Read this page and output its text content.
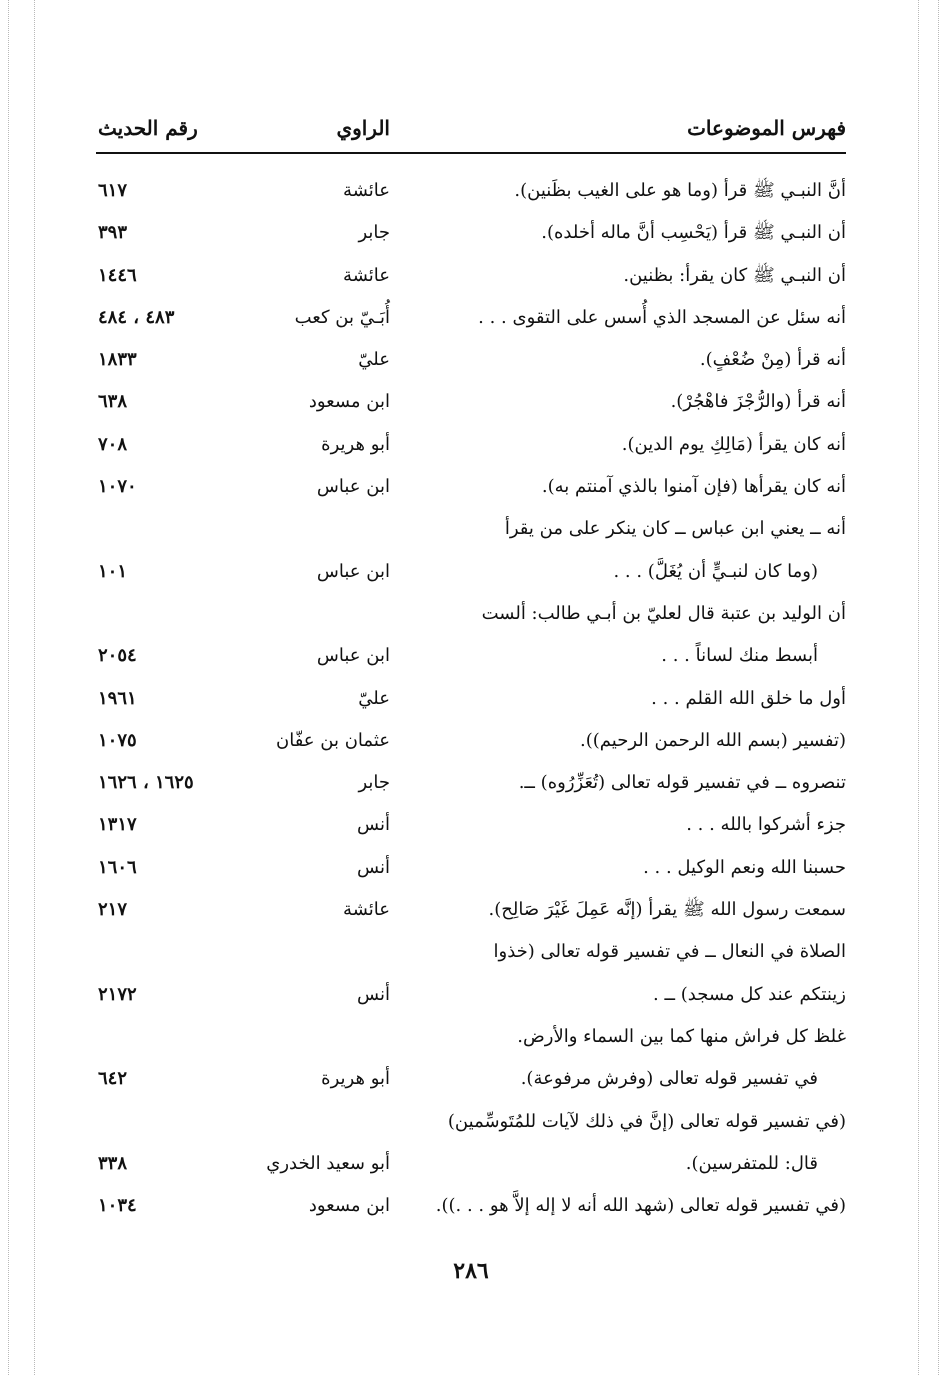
فهرس الموضوعات
الراوي
رقم الحديث
أنَّ النبـي ﷺ قرأ (وما هو على الغيب بظَنين).
عائشة
٦١٧
أن النبـي ﷺ قرأ (يَحْسِب أنَّ ماله أخلده).
جابر
٣٩٣
أن النبـي ﷺ كان يقرأ: بظنين.
عائشة
١٤٤٦
أنه سئل عن المسجد الذي أُسس على التقوى . . .
أُبَـيّ بن كعب
٤٨٣ ، ٤٨٤
أنه قرأ (مِنْ ضُعْفٍ).
عليّ
١٨٣٣
أنه قرأ (والرُّجْزَ فاهْجُرْ).
ابن مسعود
٦٣٨
أنه كان يقرأ (مَالِكِ يوم الدين).
أبو هريرة
٧٠٨
أنه كان يقرأها (فإن آمنوا بالذي آمنتم به).
ابن عباس
١٠٧٠
أنه ــ يعني ابن عباس ــ كان ينكر على من يقرأ
(وما كان لنبـيٍّ أن يُغَلَّ) . . .
ابن عباس
١٠١
أن الوليد بن عتبة قال لعليّ بن أبـي طالب: ألست
أبسط منك لساناً . . .
ابن عباس
٢٠٥٤
أول ما خلق الله القلم . . .
عليّ
١٩٦١
(تفسير (بسم الله الرحمن الرحيم)).
عثمان بن عفّان
١٠٧٥
تنصروه ــ في تفسير قوله تعالى (تُعَزِّرُوه) ــ.
جابر
١٦٢٥ ، ١٦٢٦
جزء أشركوا بالله . . .
أنس
١٣١٧
حسبنا الله ونعم الوكيل . . .
أنس
١٦٠٦
سمعت رسول الله ﷺ يقرأ (إنَّه عَمِلَ غَيْرَ صَالِح).
عائشة
٢١٧
الصلاة في النعال ــ في تفسير قوله تعالى (خذوا
زينتكم عند كل مسجد) ــ .
أنس
٢١٧٢
غلظ كل فراش منها كما بين السماء والأرض.
في تفسير قوله تعالى (وفرش مرفوعة).
أبو هريرة
٦٤٢
(في تفسير قوله تعالى (إنَّ في ذلك لآيات للمُتَوسِّمين)
قال: للمتفرسين).
أبو سعيد الخدري
٣٣٨
(في تفسير قوله تعالى (شهد الله أنه لا إله إلاَّ هو . . .)).
ابن مسعود
١٠٣٤
٢٨٦
